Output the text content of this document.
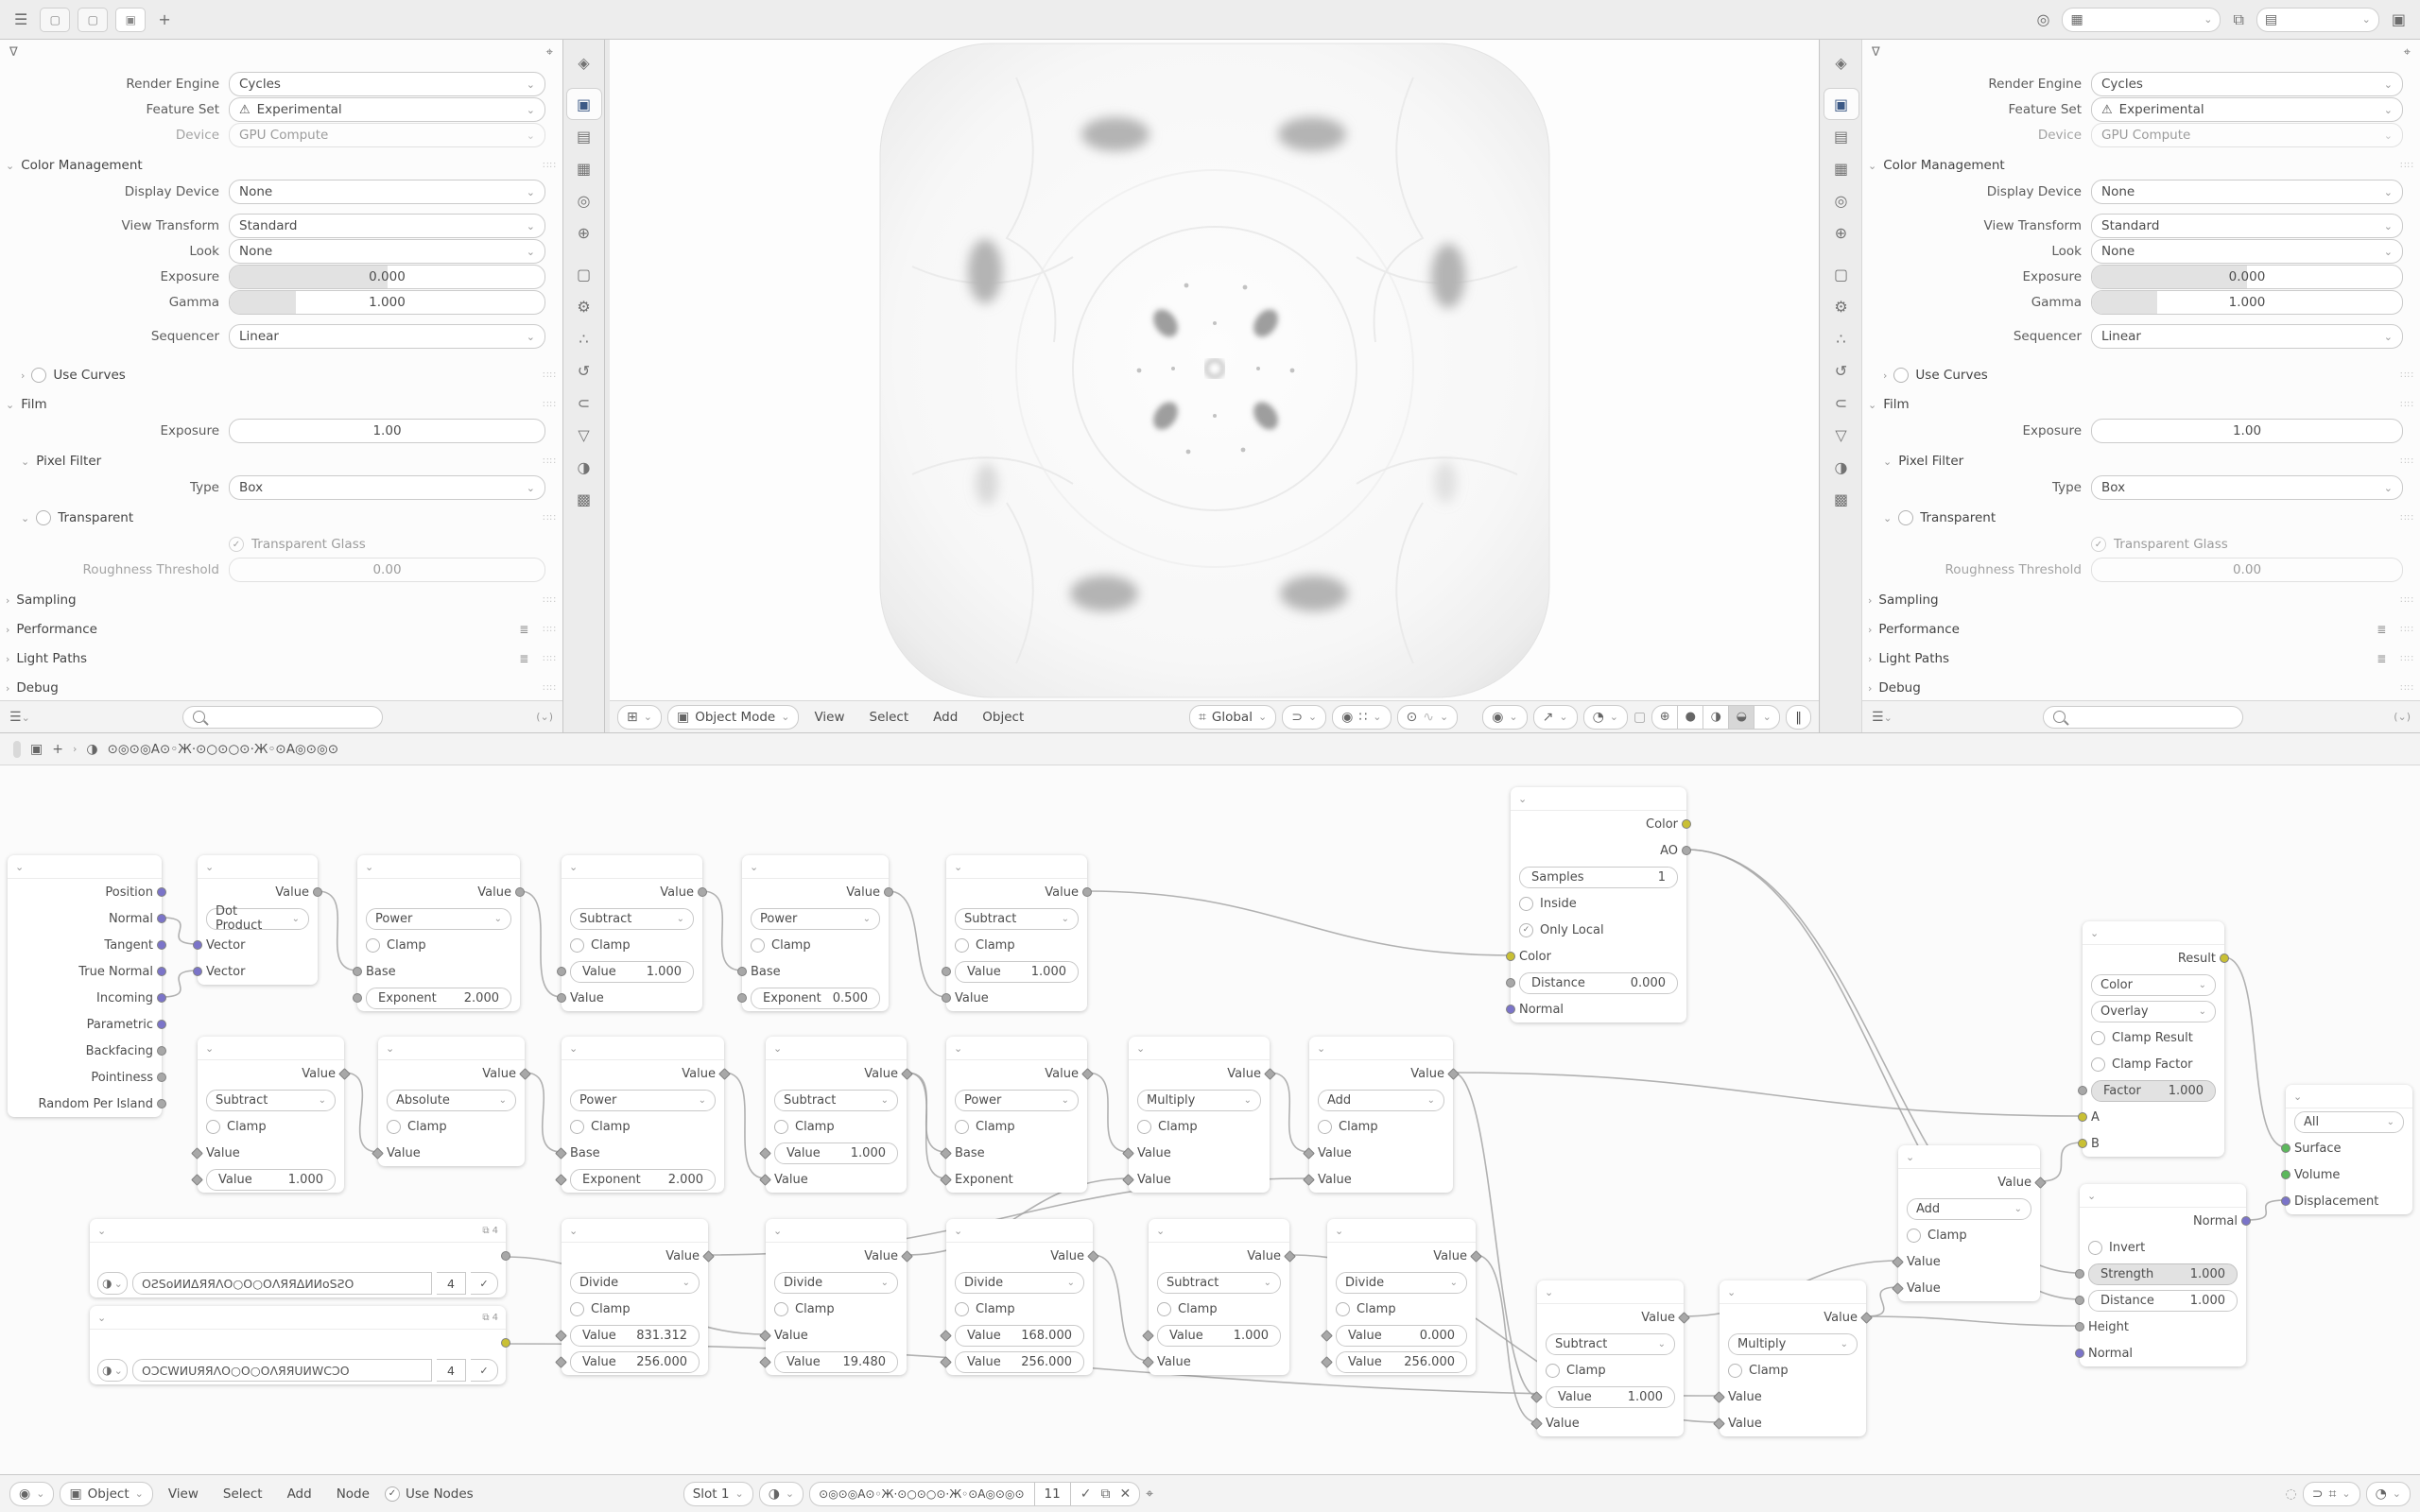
☰	▢	▢	▣	+	◎	▦	⌄	⧉	▤	⌄	▣
∇	⌖
Render Engine	Cycles	⌄
Feature Set	⚠ Experimental	⌄
Device	GPU Compute	⌄
⌄ Color Management	∷∷
Display Device	None	⌄
View Transform	Standard	⌄
Look	None	⌄
Exposure	0.000
Gamma	1.000
Sequencer	Linear	⌄
› Use Curves	∷∷
⌄ Film	∷∷
Exposure	1.00
⌄ Pixel Filter	∷∷
Type	Box	⌄
⌄ Transparent	∷∷
✓ Transparent Glass
Roughness Threshold	0.00
› Sampling	∷∷
› Performance	≣ ∷∷
› Light Paths	≣ ∷∷
› Debug	∷∷
☰⌄	(⌄)
◈
▣
▤
▦
◎
⊕
▢
⚙
∴
↺
⊂
▽
◑
▩
⊞ ⌄ ▣ Object Mode ⌄	View	Select	Add	Object	⌗ Global ⌄ ⊃ ⌄ ◉ ∷ ⌄ ⊙ ∿ ⌄	◉ ⌄ ↗ ⌄ ◔ ⌄ ▢	⊕	●	◑	◒	⌄	‖
◈
▣
▤
▦
◎
⊕
▢
⚙
∴
↺
⊂
▽
◑
▩
∇	⌖
Render Engine	Cycles	⌄
Feature Set	⚠ Experimental	⌄
Device	GPU Compute	⌄
⌄ Color Management	∷∷
Display Device	None	⌄
View Transform	Standard	⌄
Look	None	⌄
Exposure	0.000
Gamma	1.000
Sequencer	Linear	⌄
› Use Curves	∷∷
⌄ Film	∷∷
Exposure	1.00
⌄ Pixel Filter	∷∷
Type	Box	⌄
⌄ Transparent	∷∷
✓ Transparent Glass
Roughness Threshold	0.00
› Sampling	∷∷
› Performance	≣ ∷∷
› Light Paths	≣ ∷∷
› Debug	∷∷
☰⌄	(⌄)
▣ + › ◑ ⊙◎⊙◎A⊙◦Ж·⊙○⊙○⊙·Ж◦⊙A◎⊙◎⊙
⌄
Position
Normal
Tangent
True Normal
Incoming
Parametric
Backfacing
Pointiness
Random Per Island
⌄
Value
Dot Product	⌄
Vector
Vector
⌄
Value
Power	⌄
Clamp
Base
Exponent	2.000
⌄
Value
Subtract	⌄
Clamp
Value	1.000
Value
⌄
Value
Power	⌄
Clamp
Base
Exponent 0.500
⌄
Value
Subtract	⌄
Clamp
Value	1.000
Value
⌄
Value
Subtract	⌄
Clamp
Value
Value	1.000
⌄
Value
Absolute	⌄
Clamp
Value
⌄
Value
Power	⌄
Clamp
Base
Exponent	2.000
⌄
Value
Subtract	⌄
Clamp
Value	1.000
Value
⌄
Value
Power	⌄
Clamp
Base
Exponent
⌄
Value
Multiply	⌄
Clamp
Value
Value
⌄
Value
Add	⌄
Clamp
Value
Value
⌄	⧉ 4
◑ ⌄	ОƧЅоИИΔЯЯΛО○О○ОΛЯЯΔИИоЅƧО	4	✓
⌄	⧉ 4
◑ ⌄	ОƆϹWИUЯЯΛО○О○ОΛЯЯUИWϹƆО	4	✓
⌄
Value
Divide	⌄
Clamp
Value	831.312
Value	256.000
⌄
Value
Divide	⌄
Clamp
Value
Value	19.480
⌄
Value
Divide	⌄
Clamp
Value	168.000
Value	256.000
⌄
Value
Subtract	⌄
Clamp
Value	1.000
Value
⌄
Value
Divide	⌄
Clamp
Value	0.000
Value	256.000
⌄
Value
Subtract	⌄
Clamp
Value	1.000
Value
⌄
Value
Multiply	⌄
Clamp
Value
Value
⌄
Color
AO
Samples	1
Inside
✓ Only Local
Color
Distance	0.000
Normal
⌄
Value
Add	⌄
Clamp
Value
Value
⌄
Result
Color	⌄
Overlay	⌄
Clamp Result
Clamp Factor
Factor	1.000
A
B
⌄
Normal
Invert
Strength	1.000
Distance	1.000
Height
Normal
⌄
All	⌄
Surface
Volume
Displacement
◉ ⌄ ▣ Object ⌄	View	Select	Add	Node	✓ Use Nodes	Slot 1 ⌄ ◑ ⌄ ⊙◎⊙◎A⊙◦Ж·⊙○⊙○⊙·Ж◦⊙A◎⊙◎⊙ 11 ✓ ⧉ ✕ ⌖	◌ ⊃ ⌗ ⌄ ◔ ⌄
